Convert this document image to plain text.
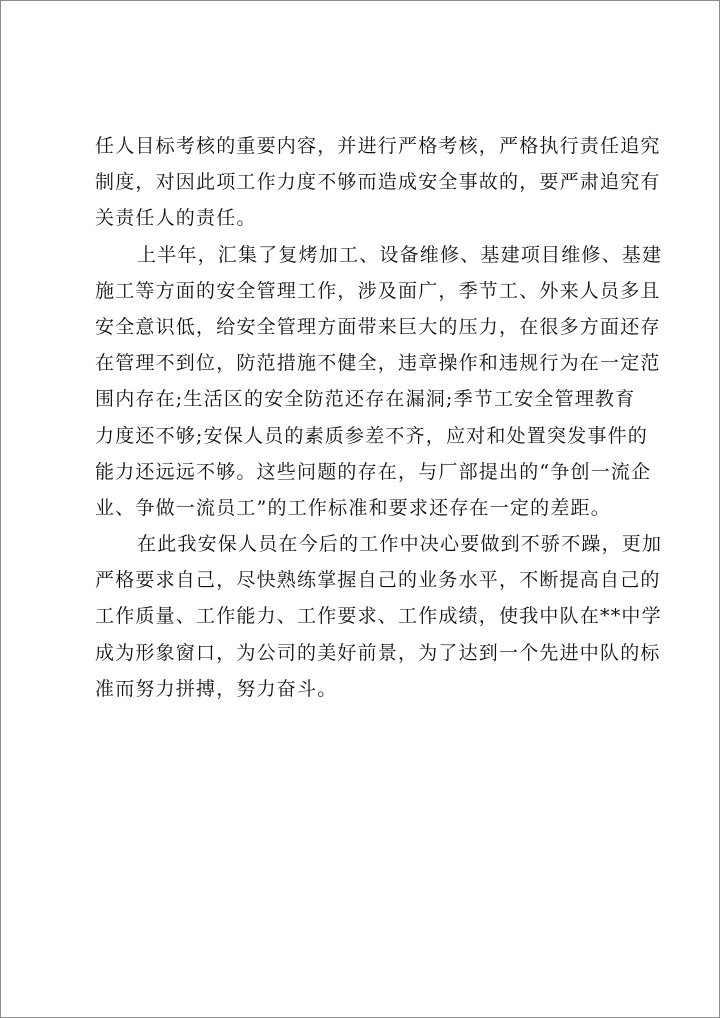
任人目标考核的重要内容，并进行严格考核，严格执行责任追究
制度，对因此项工作力度不够而造成安全事故的，要严肃追究有
关责任人的责任。
上半年，汇集了复烤加工、设备维修、基建项目维修、基建
施工等方面的安全管理工作，涉及面广，季节工、外来人员多且
安全意识低，给安全管理方面带来巨大的压力，在很多方面还存
在管理不到位，防范措施不健全，违章操作和违规行为在一定范
围内存在;生活区的安全防范还存在漏洞;季节工安全管理教育
力度还不够;安保人员的素质参差不齐，应对和处置突发事件的
能力还远远不够。这些问题的存在，与厂部提出的“争创一流企
业、争做一流员工”的工作标准和要求还存在一定的差距。
在此我安保人员在今后的工作中决心要做到不骄不躁，更加
严格要求自己，尽快熟练掌握自己的业务水平，不断提高自己的
工作质量、工作能力、工作要求、工作成绩，使我中队在**中学
成为形象窗口，为公司的美好前景，为了达到一个先进中队的标
准而努力拼搏，努力奋斗。
